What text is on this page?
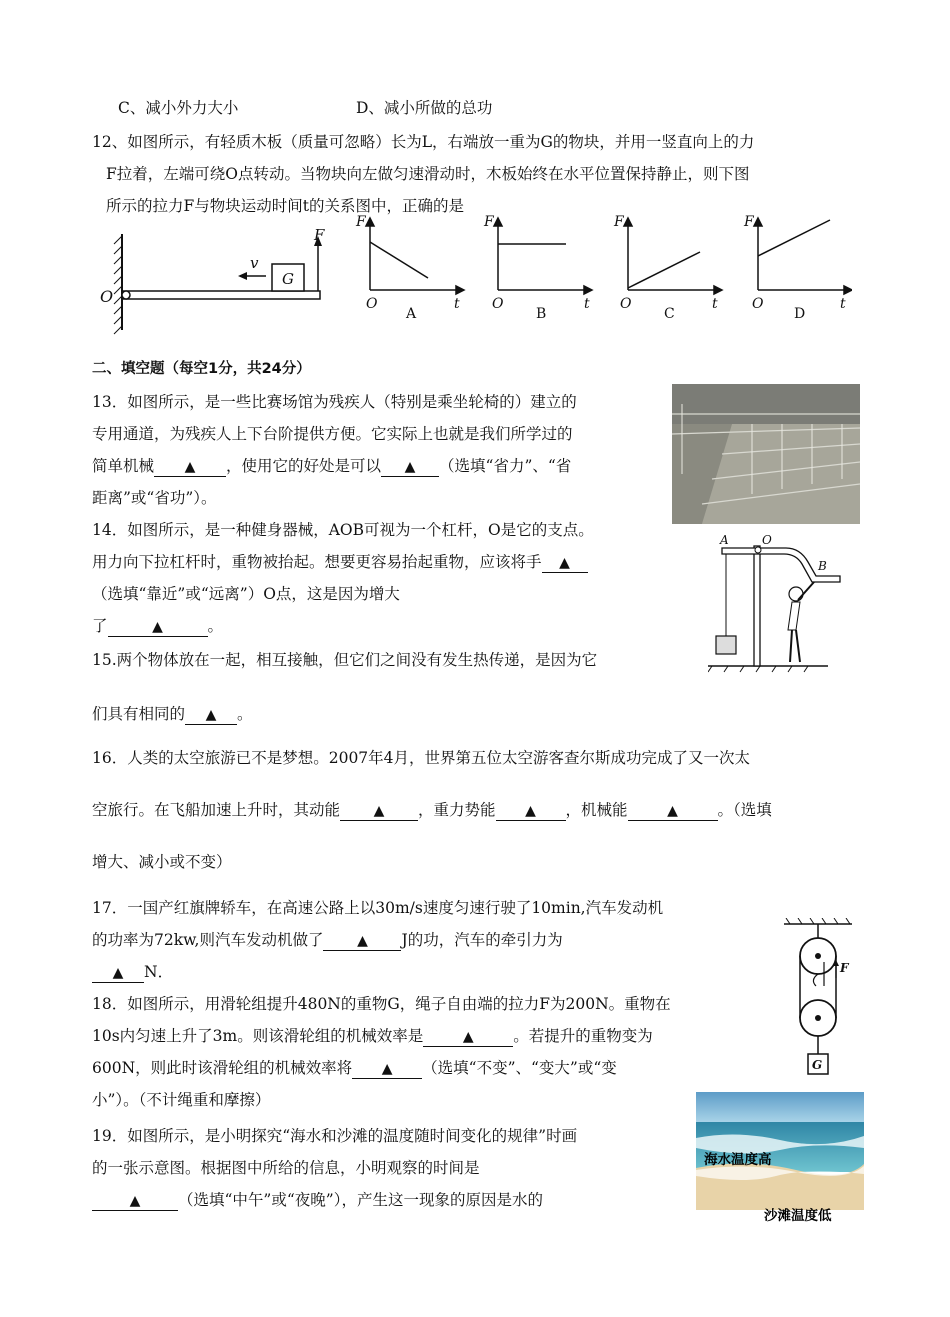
C、减小外力大小	D、减小所做的总功
12、如图所示，有轻质木板（质量可忽略）长为L，右端放一重为G的物块，并用一竖直向上的力
F拉着，左端可绕O点转动。当物块向左做匀速滑动时，木板始终在水平位置保持静止，则下图
所示的拉力F与物块运动时间t的关系图中，正确的是
O
v
G
F
F
O	t
F
O	t
F
O	t
F
O	t
A	B	C	D
二、填空题（每空1分，共24分）
13．如图所示，是一些比赛场馆为残疾人（特别是乘坐轮椅的）建立的
专用通道，为残疾人上下台阶提供方便。它实际上也就是我们所学过的
简单机械 ▲ ，使用它的好处是可以 ▲ （选填“省力”、“省
距离”或“省功”）。
14．如图所示，是一种健身器械，AOB可视为一个杠杆，O是它的支点。
用力向下拉杠杆时，重物被抬起。想要更容易抬起重物，应该将手 ▲
（选填“靠近”或“远离”）O点，这是因为增大
了	▲	。
A	O
B
15.两个物体放在一起，相互接触，但它们之间没有发生热传递，是因为它
们具有相同的 ▲ 。
16．人类的太空旅游已不是梦想。2007年4月，世界第五位太空游客查尔斯成功完成了又一次太
空旅行。在飞船加速上升时，其动能 ▲ ，重力势能 ▲ ，机械能	▲	。（选填
增大、减小或不变）
17．一国产红旗牌轿车，在高速公路上以30m/s速度匀速行驶了10min,汽车发动机
的功率为72kw,则汽车发动机做了 ▲ J的功，汽车的牵引力为
▲ N．	F
G
18．如图所示，用滑轮组提升480N的重物G，绳子自由端的拉力F为200N。重物在
10s内匀速上升了3m。则该滑轮组的机械效率是	▲	。若提升的重物变为
600N，则此时该滑轮组的机械效率将 ▲ （选填“不变”、“变大”或“变
小”）。（不计绳重和摩擦）
海水温度高
沙滩温度低
19．如图所示，是小明探究“海水和沙滩的温度随时间变化的规律”时画
的一张示意图。根据图中所给的信息，小明观察的时间是
▲ （选填“中午”或“夜晚”），产生这一现象的原因是水的
